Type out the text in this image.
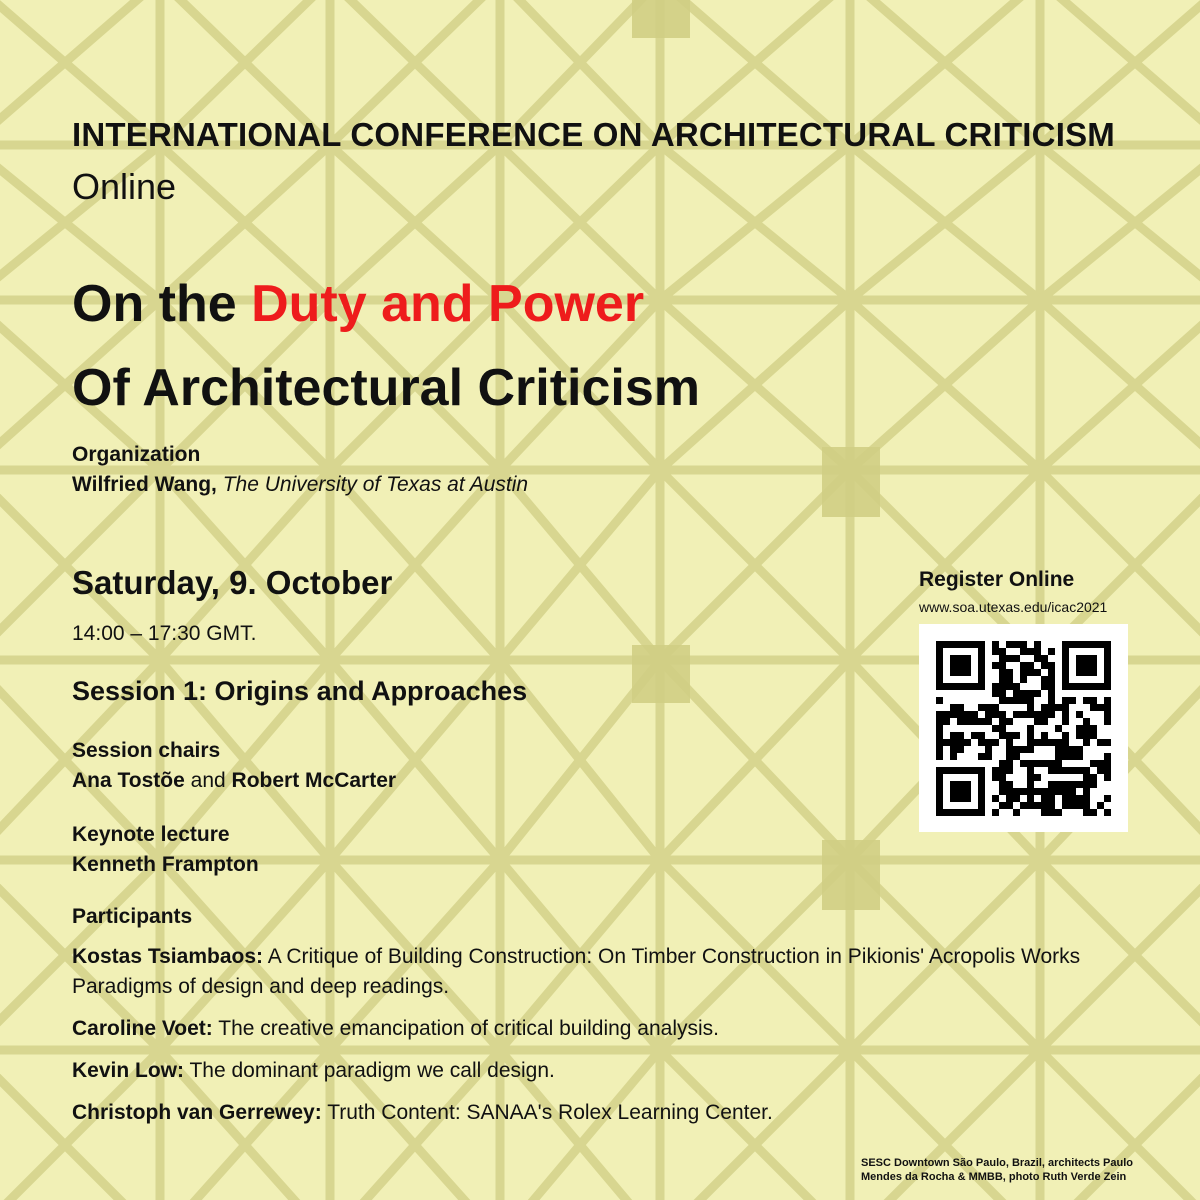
INTERNATIONAL CONFERENCE ON ARCHITECTURAL CRITICISM
Online
On the Duty and Power
Of Architectural Criticism
Organization
Wilfried Wang, The University of Texas at Austin
Saturday, 9. October
14:00 – 17:30 GMT.
Session 1: Origins and Approaches
Session chairs
Ana Tostõe and Robert McCarter
Keynote lecture
Kenneth Frampton
Participants
Kostas Tsiambaos: A Critique of Building Construction: On Timber Construction in Pikionis' Acropolis Works Paradigms of design and deep readings.
Caroline Voet: The creative emancipation of critical building analysis.
Kevin Low: The dominant paradigm we call design.
Christoph van Gerrewey: Truth Content: SANAA's Rolex Learning Center.
Register Online
www.soa.utexas.edu/icac2021
SESC Downtown São Paulo, Brazil, architects Paulo
Mendes da Rocha & MMBB, photo Ruth Verde Zein
